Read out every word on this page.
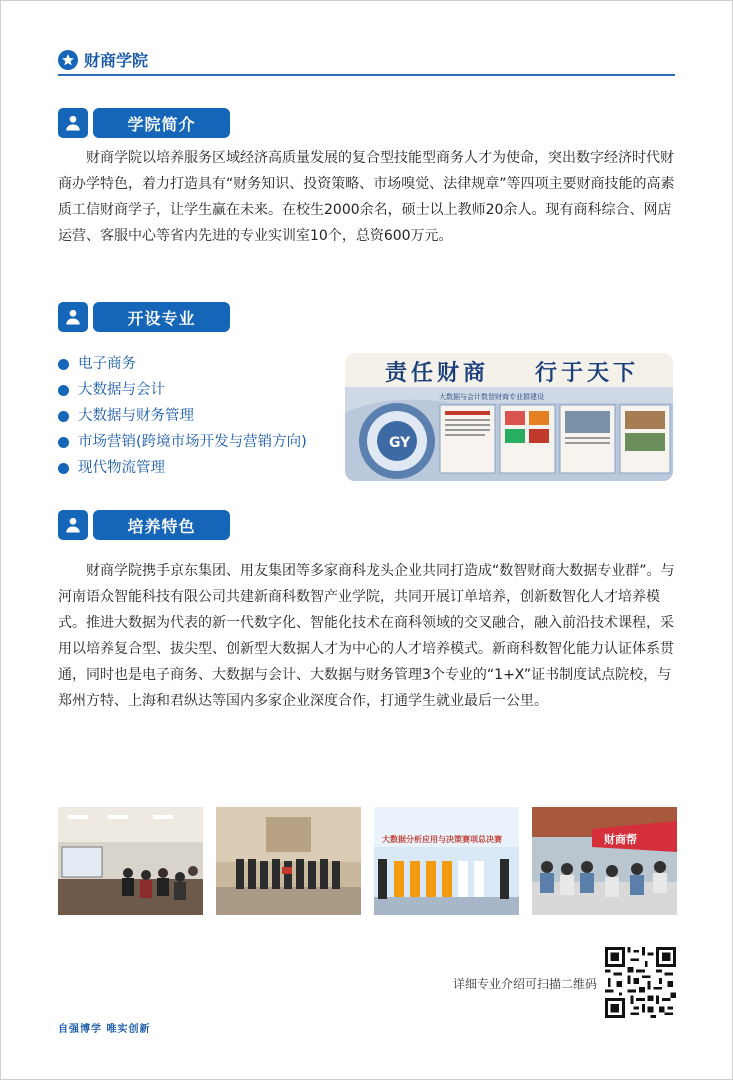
财商学院
学院简介

财商学院以培养服务区域经济高质量发展的复合型技能型商务人才为使命，突出数字经济时代财商办学特色，着力打造具有“财务知识、投资策略、市场嗅觉、法律规章”等四项主要财商技能的高素质工信财商学子，让学生赢在未来。在校生2000余名，硕士以上教师20余人。现有商科综合、网店运营、客服中心等省内先进的专业实训室10个，总资600万元。

开设专业
电子商务
大数据与会计
大数据与财务管理
市场营销(跨境市场开发与营销方向)
现代物流管理
责任财商 行于天下
GY
大数据与会计数智财商专业群建设
培养特色

财商学院携手京东集团、用友集团等多家商科龙头企业共同打造成“数智财商大数据专业群”。与河南语众智能科技有限公司共建新商科数智产业学院，共同开展订单培养，创新数智化人才培养模式。推进大数据为代表的新一代数字化、智能化技术在商科领域的交叉融合，融入前沿技术课程，采用以培养复合型、拔尖型、创新型大数据人才为中心的人才培养模式。新商科数智化能力认证体系贯通，同时也是电子商务、大数据与会计、大数据与财务管理3个专业的“1+X”证书制度试点院校，与郑州方特、上海和君纵达等国内多家企业深度合作，打通学生就业最后一公里。

大数据分析应用与决策赛项总决赛	财商帮
详细专业介绍可扫描二维码
自强博学 唯实创新
